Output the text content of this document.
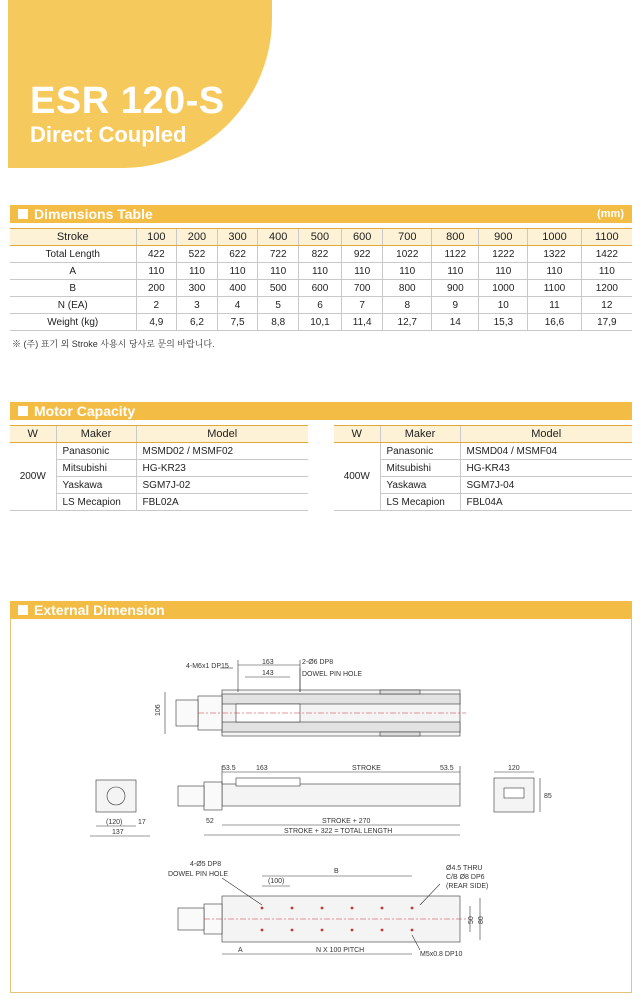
ESR 120-S
Direct Coupled
Dimensions Table	(mm)
Stroke	100	200	300	400	500	600	700	800	900	1000	1100
Total Length	422	522	622	722	822	922	1022	1122	1222	1322	1422
A	110	110	110	110	110	110	110	110	110	110	110
B	200	300	400	500	600	700	800	900	1000	1100	1200
N (EA)	2	3	4	5	6	7	8	9	10	11	12
Weight (kg)	4,9	6,2	7,5	8,8	10,1	11,4	12,7	14	15,3	16,6	17,9
※ (주) 표기 외 Stroke 사용시 당사로 문의 바랍니다.
Motor Capacity
W	Maker	Model
200W	Panasonic	MSMD02 / MSMF02
	Mitsubishi	HG-KR23
	Yaskawa	SGM7J-02
	LS Mecapion	FBL02A
W	Maker	Model
400W	Panasonic	MSMD04 / MSMF04
	Mitsubishi	HG-KR43
	Yaskawa	SGM7J-04
	LS Mecapion	FBL04A
External Dimension
4-M6x1 DP15
163
143
2-Ø6 DP8
DOWEL PIN HOLE
106
53.5	163	STROKE	53.5	120
85
(120) 17
137
52	STROKE + 270
STROKE + 322 = TOTAL LENGTH
4-Ø5 DP8
DOWEL PIN HOLE	B
(100)
Ø4.5 THRU
C/B Ø8 DP6
(REAR SIDE)
50 80
A	N X 100 PITCH
M5x0.8 DP10
